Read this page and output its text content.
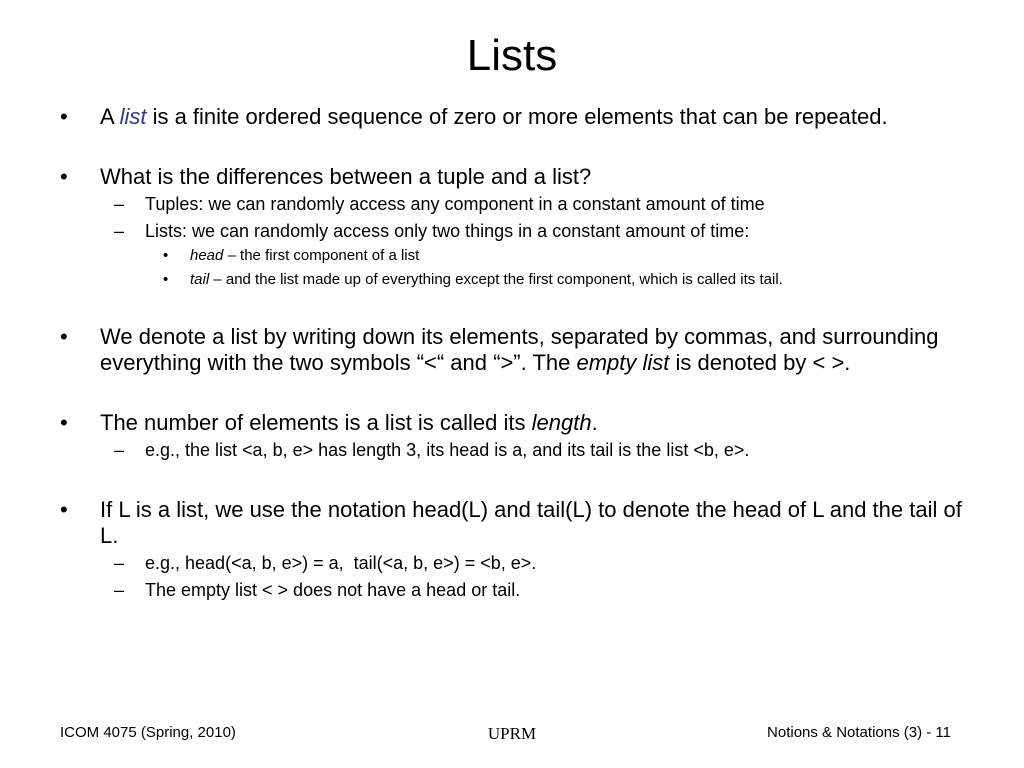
Lists
• A list is a finite ordered sequence of zero or more elements that can be repeated.
• What is the differences between a tuple and a list?
– Tuples: we can randomly access any component in a constant amount of time
– Lists: we can randomly access only two things in a constant amount of time:
• head – the first component of a list
• tail – and the list made up of everything except the first component, which is called its tail.
• We denote a list by writing down its elements, separated by commas, and surrounding everything with the two symbols “<“ and “>”. The empty list is denoted by < >.
• The number of elements is a list is called its length.
– e.g., the list <a, b, e> has length 3, its head is a, and its tail is the list <b, e>.
• If L is a list, we use the notation head(L) and tail(L) to denote the head of L and the tail of L.
– e.g., head(<a, b, e>) = a,  tail(<a, b, e>) = <b, e>.
– The empty list < > does not have a head or tail.
ICOM 4075 (Spring, 2010)	UPRM	Notions & Notations (3) - 11
